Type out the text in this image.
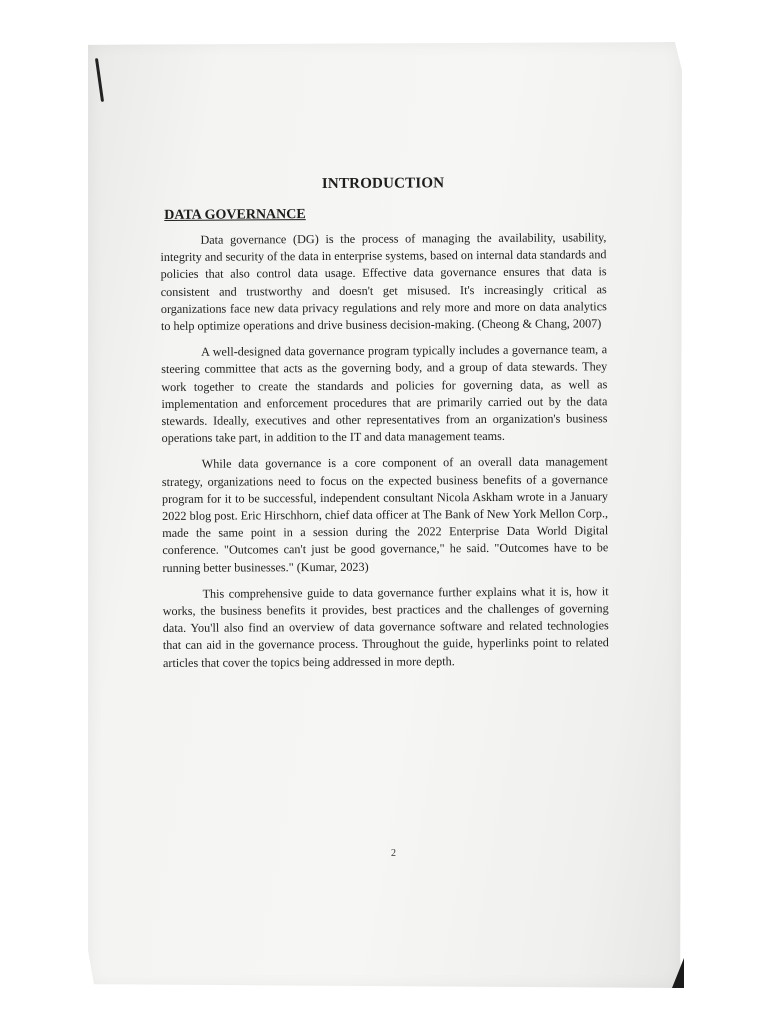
INTRODUCTION
DATA GOVERNANCE

Data governance (DG) is the process of managing the availability, usability, integrity and security of the data in enterprise systems, based on internal data standards and policies that also control data usage. Effective data governance ensures that data is consistent and trustworthy and doesn't get misused. It's increasingly critical as organizations face new data privacy regulations and rely more and more on data analytics to help optimize operations and drive business decision-making. (Cheong & Chang, 2007)

A well-designed data governance program typically includes a governance team, a steering committee that acts as the governing body, and a group of data stewards. They work together to create the standards and policies for governing data, as well as implementation and enforcement procedures that are primarily carried out by the data stewards. Ideally, executives and other representatives from an organization's business operations take part, in addition to the IT and data management teams.

While data governance is a core component of an overall data management strategy, organizations need to focus on the expected business benefits of a governance program for it to be successful, independent consultant Nicola Askham wrote in a January 2022 blog post. Eric Hirschhorn, chief data officer at The Bank of New York Mellon Corp., made the same point in a session during the 2022 Enterprise Data World Digital conference. "Outcomes can't just be good governance," he said. "Outcomes have to be running better businesses." (Kumar, 2023)

This comprehensive guide to data governance further explains what it is, how it works, the business benefits it provides, best practices and the challenges of governing data. You'll also find an overview of data governance software and related technologies that can aid in the governance process. Throughout the guide, hyperlinks point to related articles that cover the topics being addressed in more depth.

2
